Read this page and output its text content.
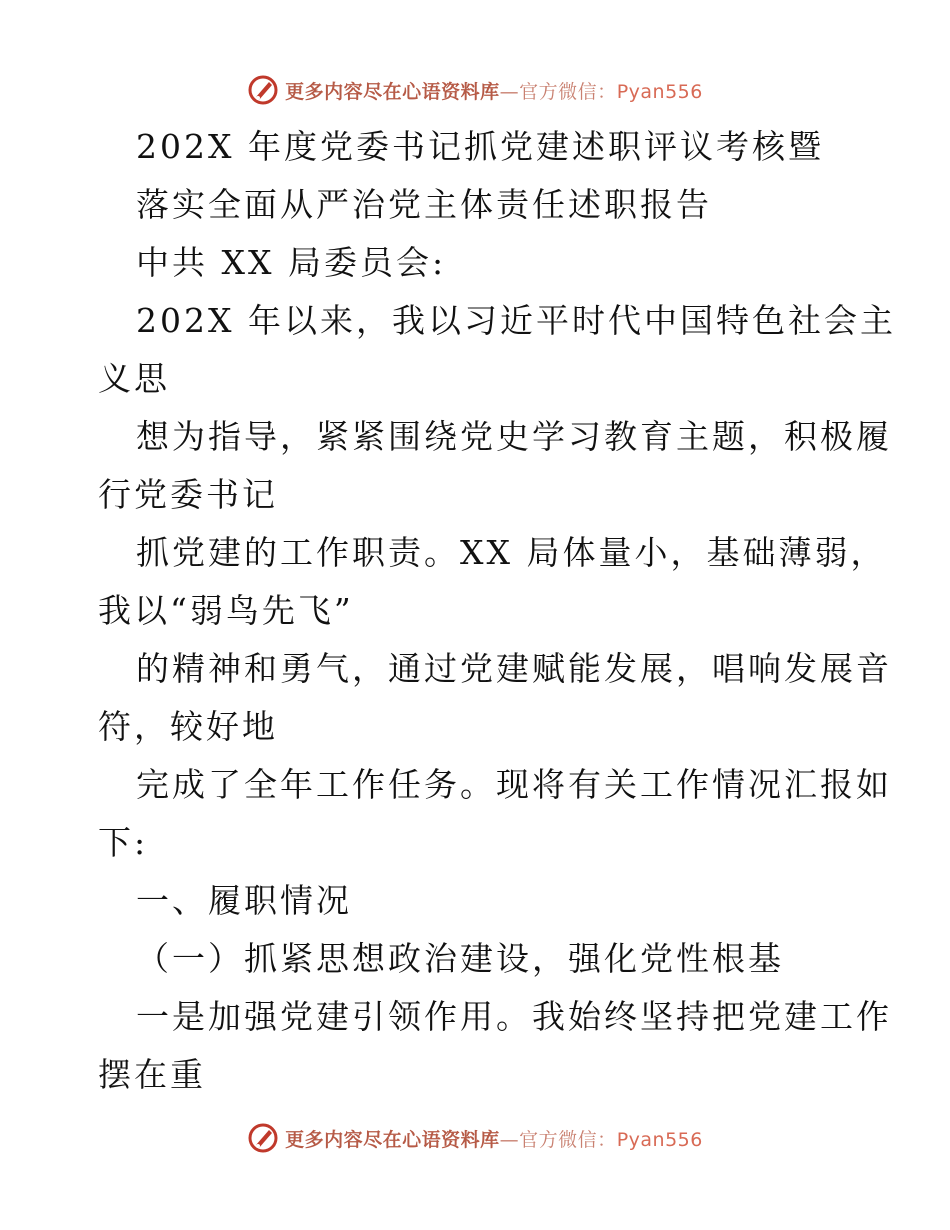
更多内容尽在心语资料库—官方微信：Pyan556
202X 年度党委书记抓党建述职评议考核暨
落实全面从严治党主体责任述职报告
中共 XX 局委员会:
202X 年以来，我以习近平时代中国特色社会主
义思
想为指导，紧紧围绕党史学习教育主题，积极履
行党委书记
抓党建的工作职责。XX 局体量小，基础薄弱，
我以“弱鸟先飞”
的精神和勇气，通过党建赋能发展，唱响发展音
符，较好地
完成了全年工作任务。现将有关工作情况汇报如
下:
一、履职情况
（一）抓紧思想政治建设，强化党性根基
一是加强党建引领作用。我始终坚持把党建工作
摆在重
更多内容尽在心语资料库—官方微信：Pyan556
